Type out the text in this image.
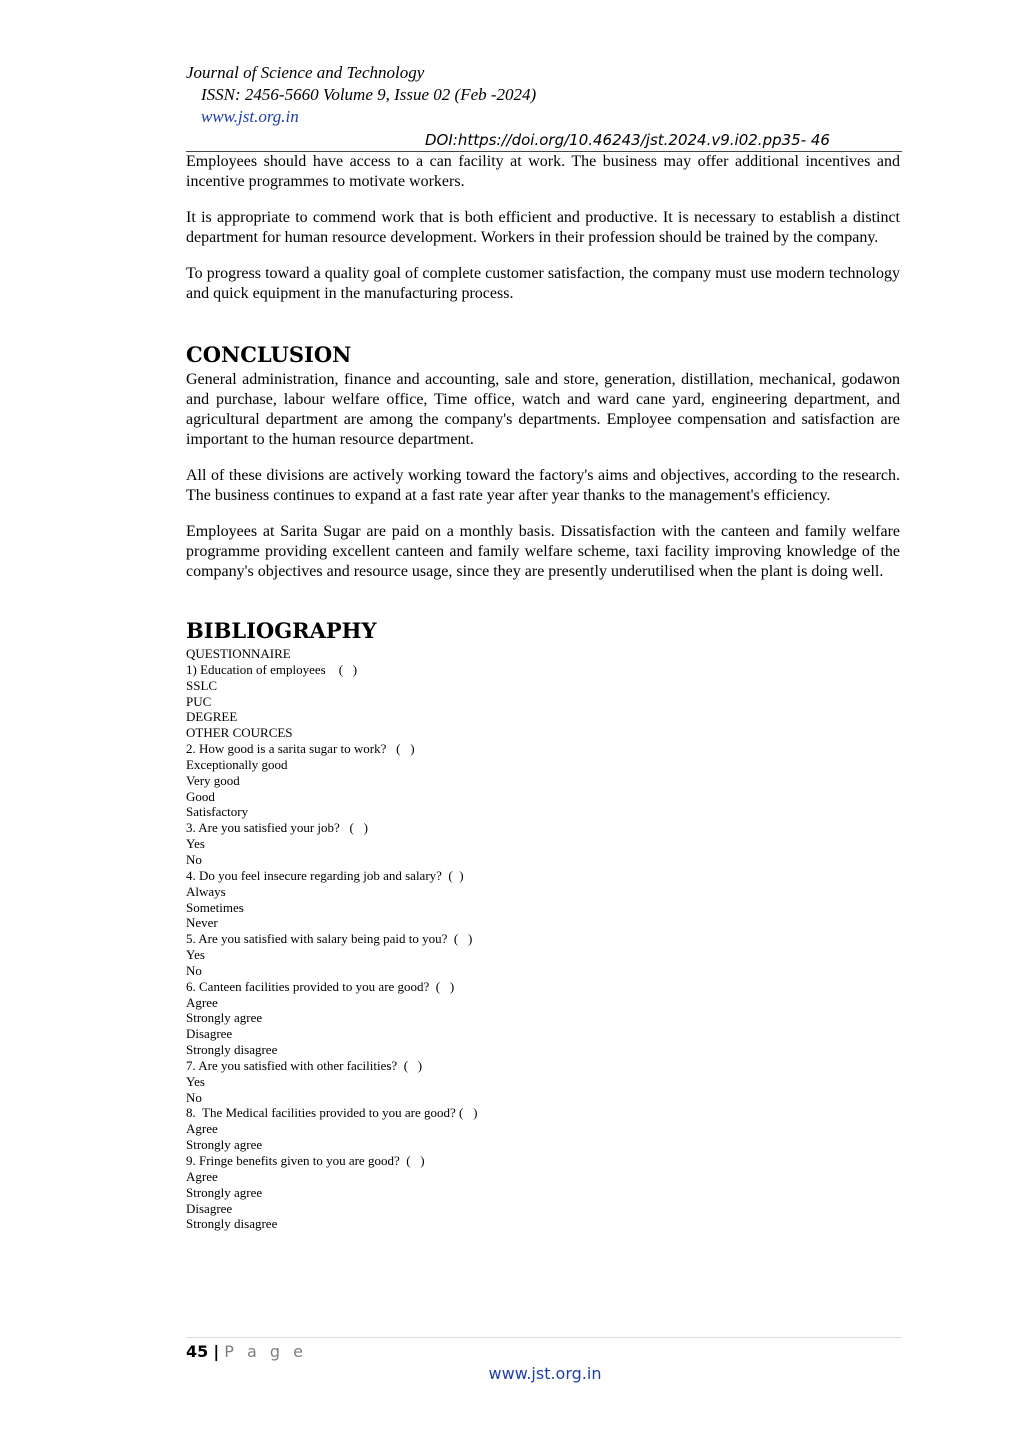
Journal of Science and Technology
ISSN: 2456-5660 Volume 9, Issue 02 (Feb -2024)
www.jst.org.in
DOI:https://doi.org/10.46243/jst.2024.v9.i02.pp35- 46

Employees should have access to a can facility at work. The business may offer additional incentives and incentive programmes to motivate workers.

It is appropriate to commend work that is both efficient and productive. It is necessary to establish a distinct department for human resource development. Workers in their profession should be trained by the company.

To progress toward a quality goal of complete customer satisfaction, the company must use modern technology and quick equipment in the manufacturing process.

CONCLUSION

General administration, finance and accounting, sale and store, generation, distillation, mechanical, godawon and purchase, labour welfare office, Time office, watch and ward cane yard, engineering department, and agricultural department are among the company's departments. Employee compensation and satisfaction are important to the human resource department.

All of these divisions are actively working toward the factory's aims and objectives, according to the research. The business continues to expand at a fast rate year after year thanks to the management's efficiency.

Employees at Sarita Sugar are paid on a monthly basis. Dissatisfaction with the canteen and family welfare programme providing excellent canteen and family welfare scheme, taxi facility improving knowledge of the company's objectives and resource usage, since they are presently underutilised when the plant is doing well.

BIBLIOGRAPHY
QUESTIONNAIRE
1) Education of employees    (   )
SSLC
PUC
DEGREE
OTHER COURCES
2. How good is a sarita sugar to work?   (   )
Exceptionally good
Very good
Good
Satisfactory
3. Are you satisfied your job?   (   )
Yes
No
4. Do you feel insecure regarding job and salary?  (  )
Always
Sometimes
Never
5. Are you satisfied with salary being paid to you?  (   )
Yes
No
6. Canteen facilities provided to you are good?  (   )
Agree
Strongly agree
Disagree
Strongly disagree
7. Are you satisfied with other facilities?  (   )
Yes
No
8.  The Medical facilities provided to you are good? (   )
Agree
Strongly agree
9. Fringe benefits given to you are good?  (   )
Agree
Strongly agree
Disagree
Strongly disagree
45 | P a g e
www.jst.org.in
